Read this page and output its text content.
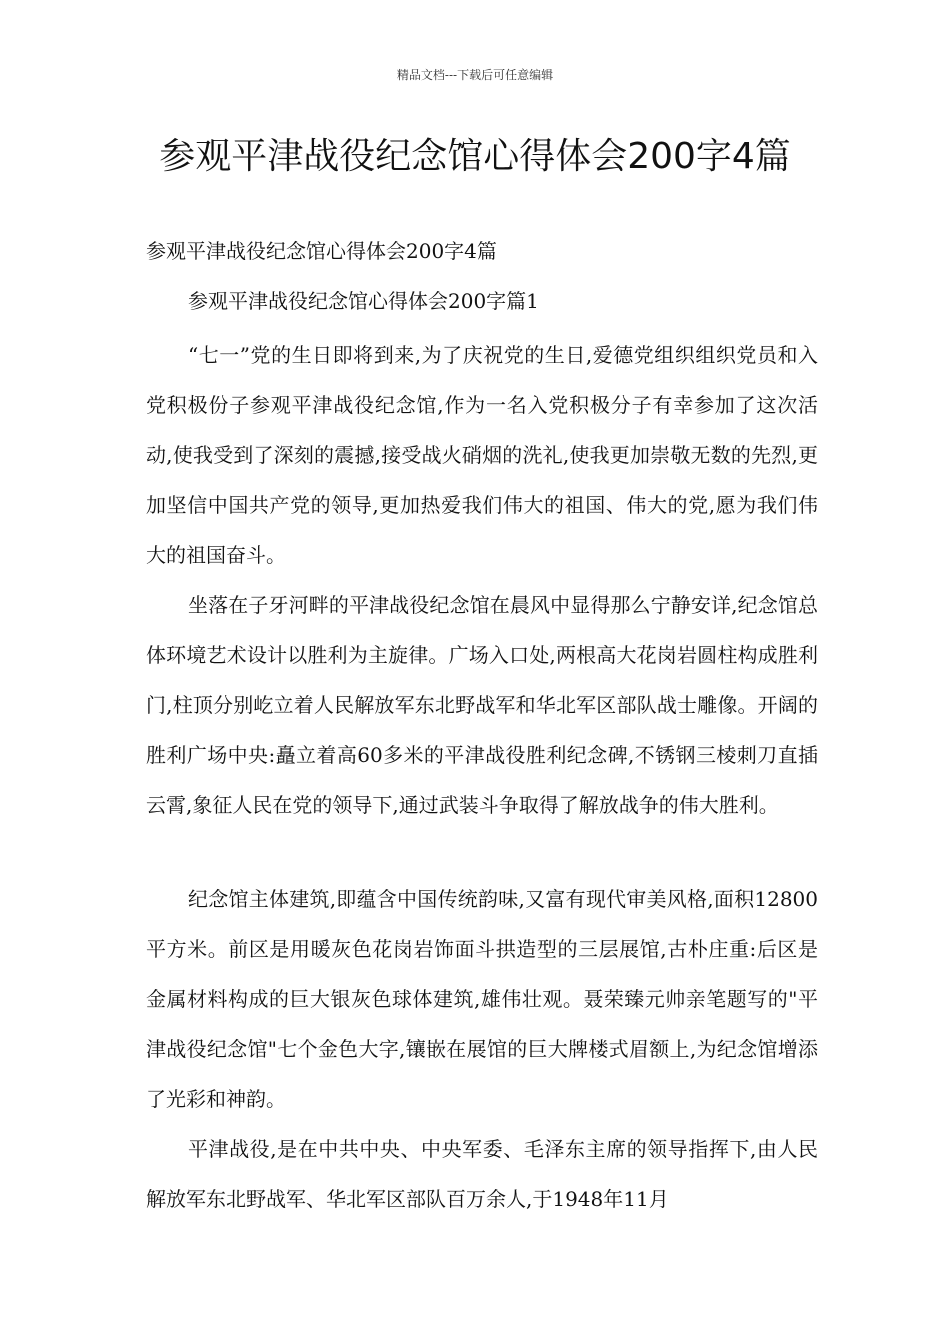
精品文档---下载后可任意编辑
参观平津战役纪念馆心得体会200字4篇
参观平津战役纪念馆心得体会200字4篇
参观平津战役纪念馆心得体会200字篇1

“七一”党的生日即将到来,为了庆祝党的生日,爱德党组织组织党员和入党积极份子参观平津战役纪念馆,作为一名入党积极分子有幸参加了这次活动,使我受到了深刻的震撼,接受战火硝烟的洗礼,使我更加崇敬无数的先烈,更加坚信中国共产党的领导,更加热爱我们伟大的祖国、伟大的党,愿为我们伟大的祖国奋斗。

坐落在子牙河畔的平津战役纪念馆在晨风中显得那么宁静安详,纪念馆总体环境艺术设计以胜利为主旋律。广场入口处,两根高大花岗岩圆柱构成胜利门,柱顶分别屹立着人民解放军东北野战军和华北军区部队战士雕像。开阔的胜利广场中央:矗立着高60多米的平津战役胜利纪念碑,不锈钢三棱刺刀直插云霄,象征人民在党的领导下,通过武装斗争取得了解放战争的伟大胜利。

纪念馆主体建筑,即蕴含中国传统韵味,又富有现代审美风格,面积12800平方米。前区是用暖灰色花岗岩饰面斗拱造型的三层展馆,古朴庄重:后区是金属材料构成的巨大银灰色球体建筑,雄伟壮观。聂荣臻元帅亲笔题写的"平津战役纪念馆"七个金色大字,镶嵌在展馆的巨大牌楼式眉额上,为纪念馆增添了光彩和神韵。

平津战役,是在中共中央、中央军委、毛泽东主席的领导指挥下,由人民解放军东北野战军、华北军区部队百万余人,于1948年11月
